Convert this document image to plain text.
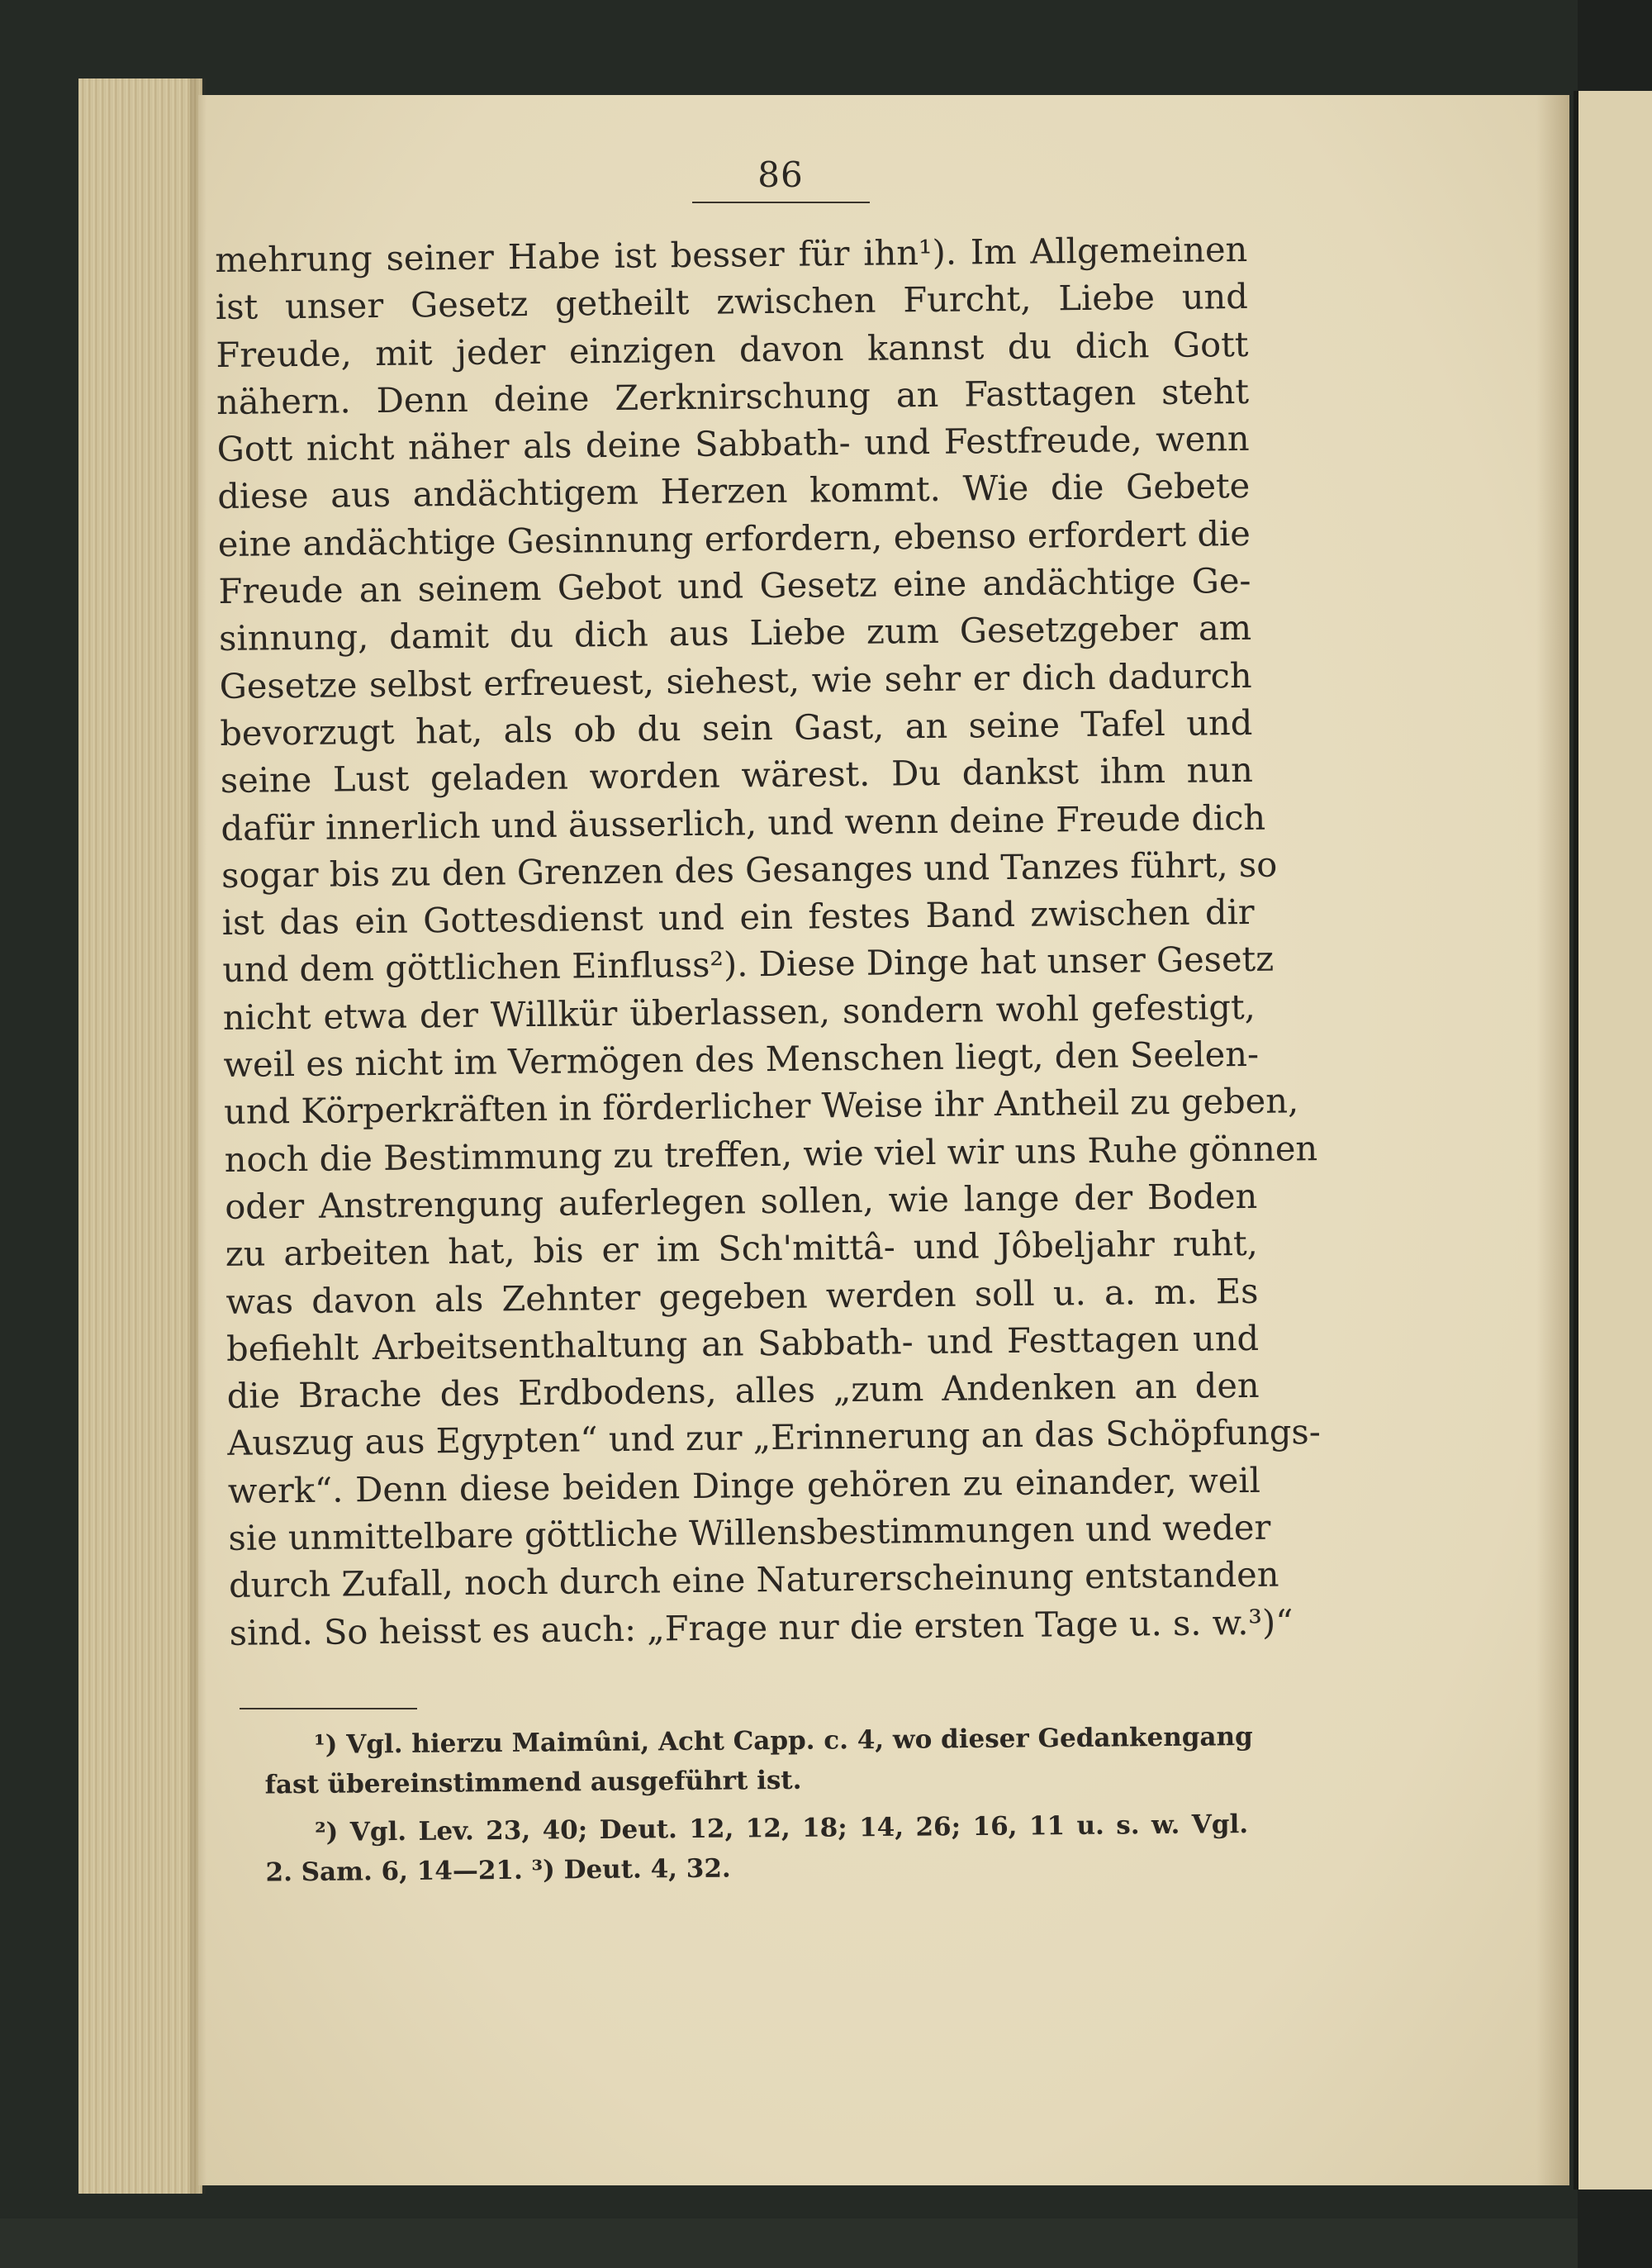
86
mehrung seiner Habe ist besser für ihn¹). Im Allgemeinen
ist unser Gesetz getheilt zwischen Furcht, Liebe und
Freude, mit jeder einzigen davon kannst du dich Gott
nähern. Denn deine Zerknirschung an Fasttagen steht
Gott nicht näher als deine Sabbath- und Festfreude, wenn
diese aus andächtigem Herzen kommt. Wie die Gebete
eine andächtige Gesinnung erfordern, ebenso erfordert die
Freude an seinem Gebot und Gesetz eine andächtige Ge-
sinnung, damit du dich aus Liebe zum Gesetzgeber am
Gesetze selbst erfreuest, siehest, wie sehr er dich dadurch
bevorzugt hat, als ob du sein Gast, an seine Tafel und
seine Lust geladen worden wärest. Du dankst ihm nun
dafür innerlich und äusserlich, und wenn deine Freude dich
sogar bis zu den Grenzen des Gesanges und Tanzes führt, so
ist das ein Gottesdienst und ein festes Band zwischen dir
und dem göttlichen Einfluss²). Diese Dinge hat unser Gesetz
nicht etwa der Willkür überlassen, sondern wohl gefestigt,
weil es nicht im Vermögen des Menschen liegt, den Seelen-
und Körperkräften in förderlicher Weise ihr Antheil zu geben,
noch die Bestimmung zu treffen, wie viel wir uns Ruhe gönnen
oder Anstrengung auferlegen sollen, wie lange der Boden
zu arbeiten hat, bis er im Sch'mittâ- und Jôbeljahr ruht,
was davon als Zehnter gegeben werden soll u. a. m. Es
befiehlt Arbeitsenthaltung an Sabbath- und Festtagen und
die Brache des Erdbodens, alles „zum Andenken an den
Auszug aus Egypten“ und zur „Erinnerung an das Schöpfungs-
werk“. Denn diese beiden Dinge gehören zu einander, weil
sie unmittelbare göttliche Willensbestimmungen und weder
durch Zufall, noch durch eine Naturerscheinung entstanden
sind. So heisst es auch: „Frage nur die ersten Tage u. s. w.³)“
¹) Vgl. hierzu Maimûni, Acht Capp. c. 4, wo dieser Gedankengang
fast übereinstimmend ausgeführt ist.
²) Vgl. Lev. 23, 40; Deut. 12, 12, 18; 14, 26; 16, 11 u. s. w. Vgl.
2. Sam. 6, 14—21. ³) Deut. 4, 32.
